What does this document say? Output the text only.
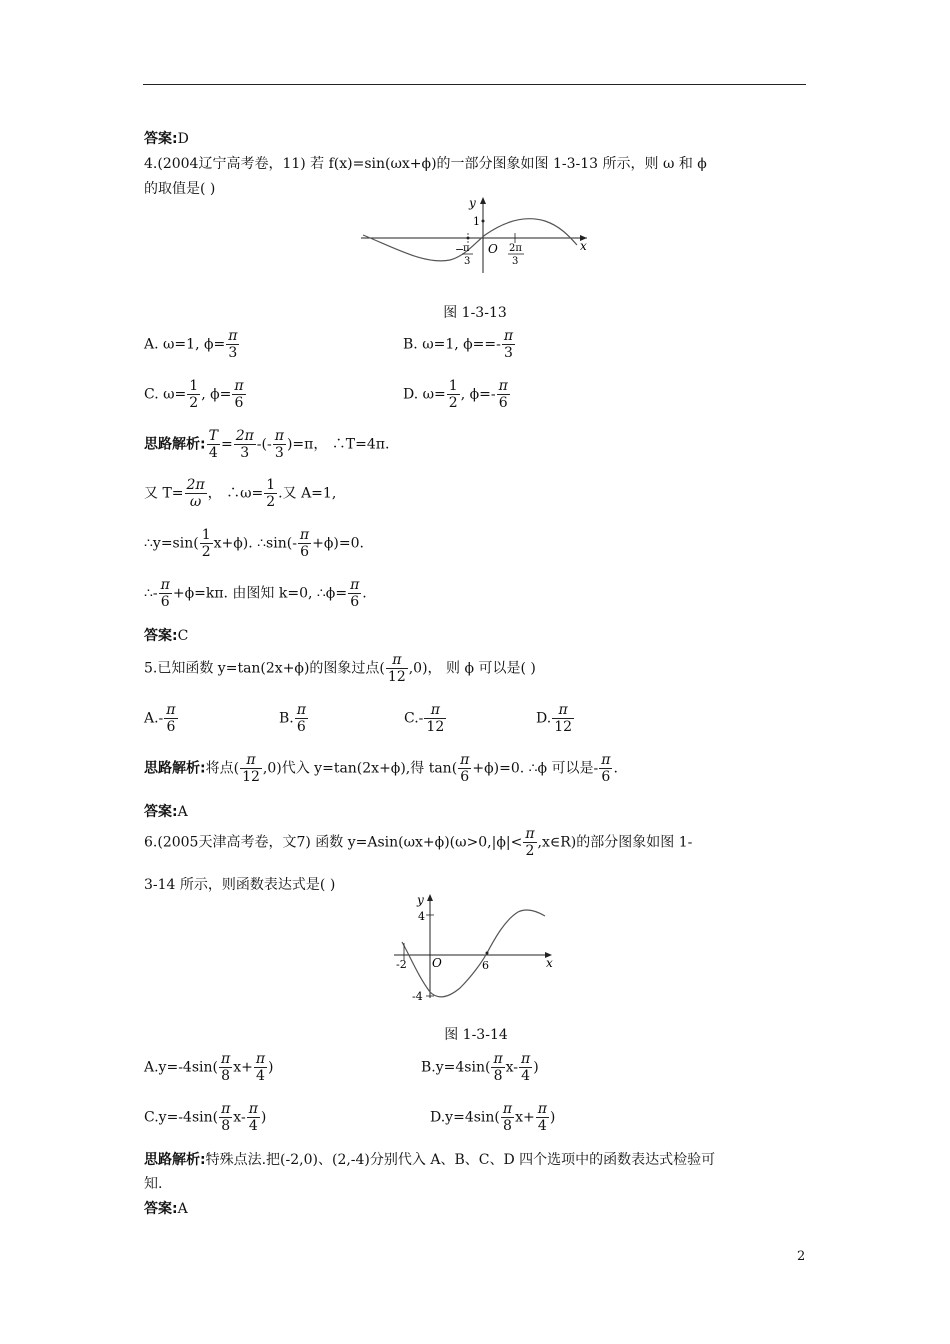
答案:D
4.(2004辽宁高考卷，11) 若 f(x)=sin(ωx+ϕ)的一部分图象如图 1-3-13 所示，则 ω 和 ϕ
的取值是( )
y
x
1
O
−
π
3
2π
3
图 1-3-13
A. ω=1, $\phi= \frac{\pi}{3}$	B. ω=1, $\phi==- \frac{\pi}{3}$
C. $\omega= \frac{1}{2}$ , $\phi= \frac{\pi}{6}$	D. $\omega= \frac{1}{2}$ , $\phi=- \frac{\pi}{6}$
思路解析: $\frac{T}{4} = \frac{2\pi}{3}$ -(- $\frac{\pi}{3} )=\pi$， ∴T=4π.
又 $T= \frac{2\pi}{\omega}$ ， ∴ω= $\frac{1}{2}$ .又 A=1,
∴y=sin( $\frac{1}{2} x+\phi$). ∴sin(- $\frac{\pi}{6} +\phi)=0$.
∴- $\frac{\pi}{6} +\phi=k\pi$. 由图知 k=0, ∴ϕ= $\frac{\pi}{6}$ .
答案:C
5.已知函数 y=tan(2x+ϕ)的图象过点( $\frac{\pi}{12} ,0$)， 则 ϕ 可以是( )
$A.- \frac{\pi}{6}$	B. $\frac{\pi}{6}$	$C.- \frac{\pi}{12}$	D. $\frac{\pi}{12}$
思路解析:将点( $\frac{\pi}{12} ,0$)代入 y=tan(2x+ϕ),得 $\tan( \frac{\pi}{6} +\phi)=0$. ∴ϕ 可以是- $\frac{\pi}{6}$ .
答案:A
6.(2005天津高考卷，文7) 函数 $y=Asin(\omega x+\phi)(\omega>0,|\phi|< \frac{\pi}{2}$ ,x∈R)的部分图象如图 1-
3-14 所示，则函数表达式是( )
y
x
4
-4
-2 O	6
图 1-3-14
$A.y=-4\sin( \frac{\pi}{8} x+ \frac{\pi}{4}$ )	$B.y=4\sin( \frac{\pi}{8} x- \frac{\pi}{4}$ )
$C.y=-4\sin( \frac{\pi}{8} x- \frac{\pi}{4}$ )	$D.y=4\sin( \frac{\pi}{8} x+ \frac{\pi}{4}$ )
思路解析:特殊点法.把(-2,0)、(2,-4)分别代入 A、B、C、D 四个选项中的函数表达式检验可
知.
答案:A
2
